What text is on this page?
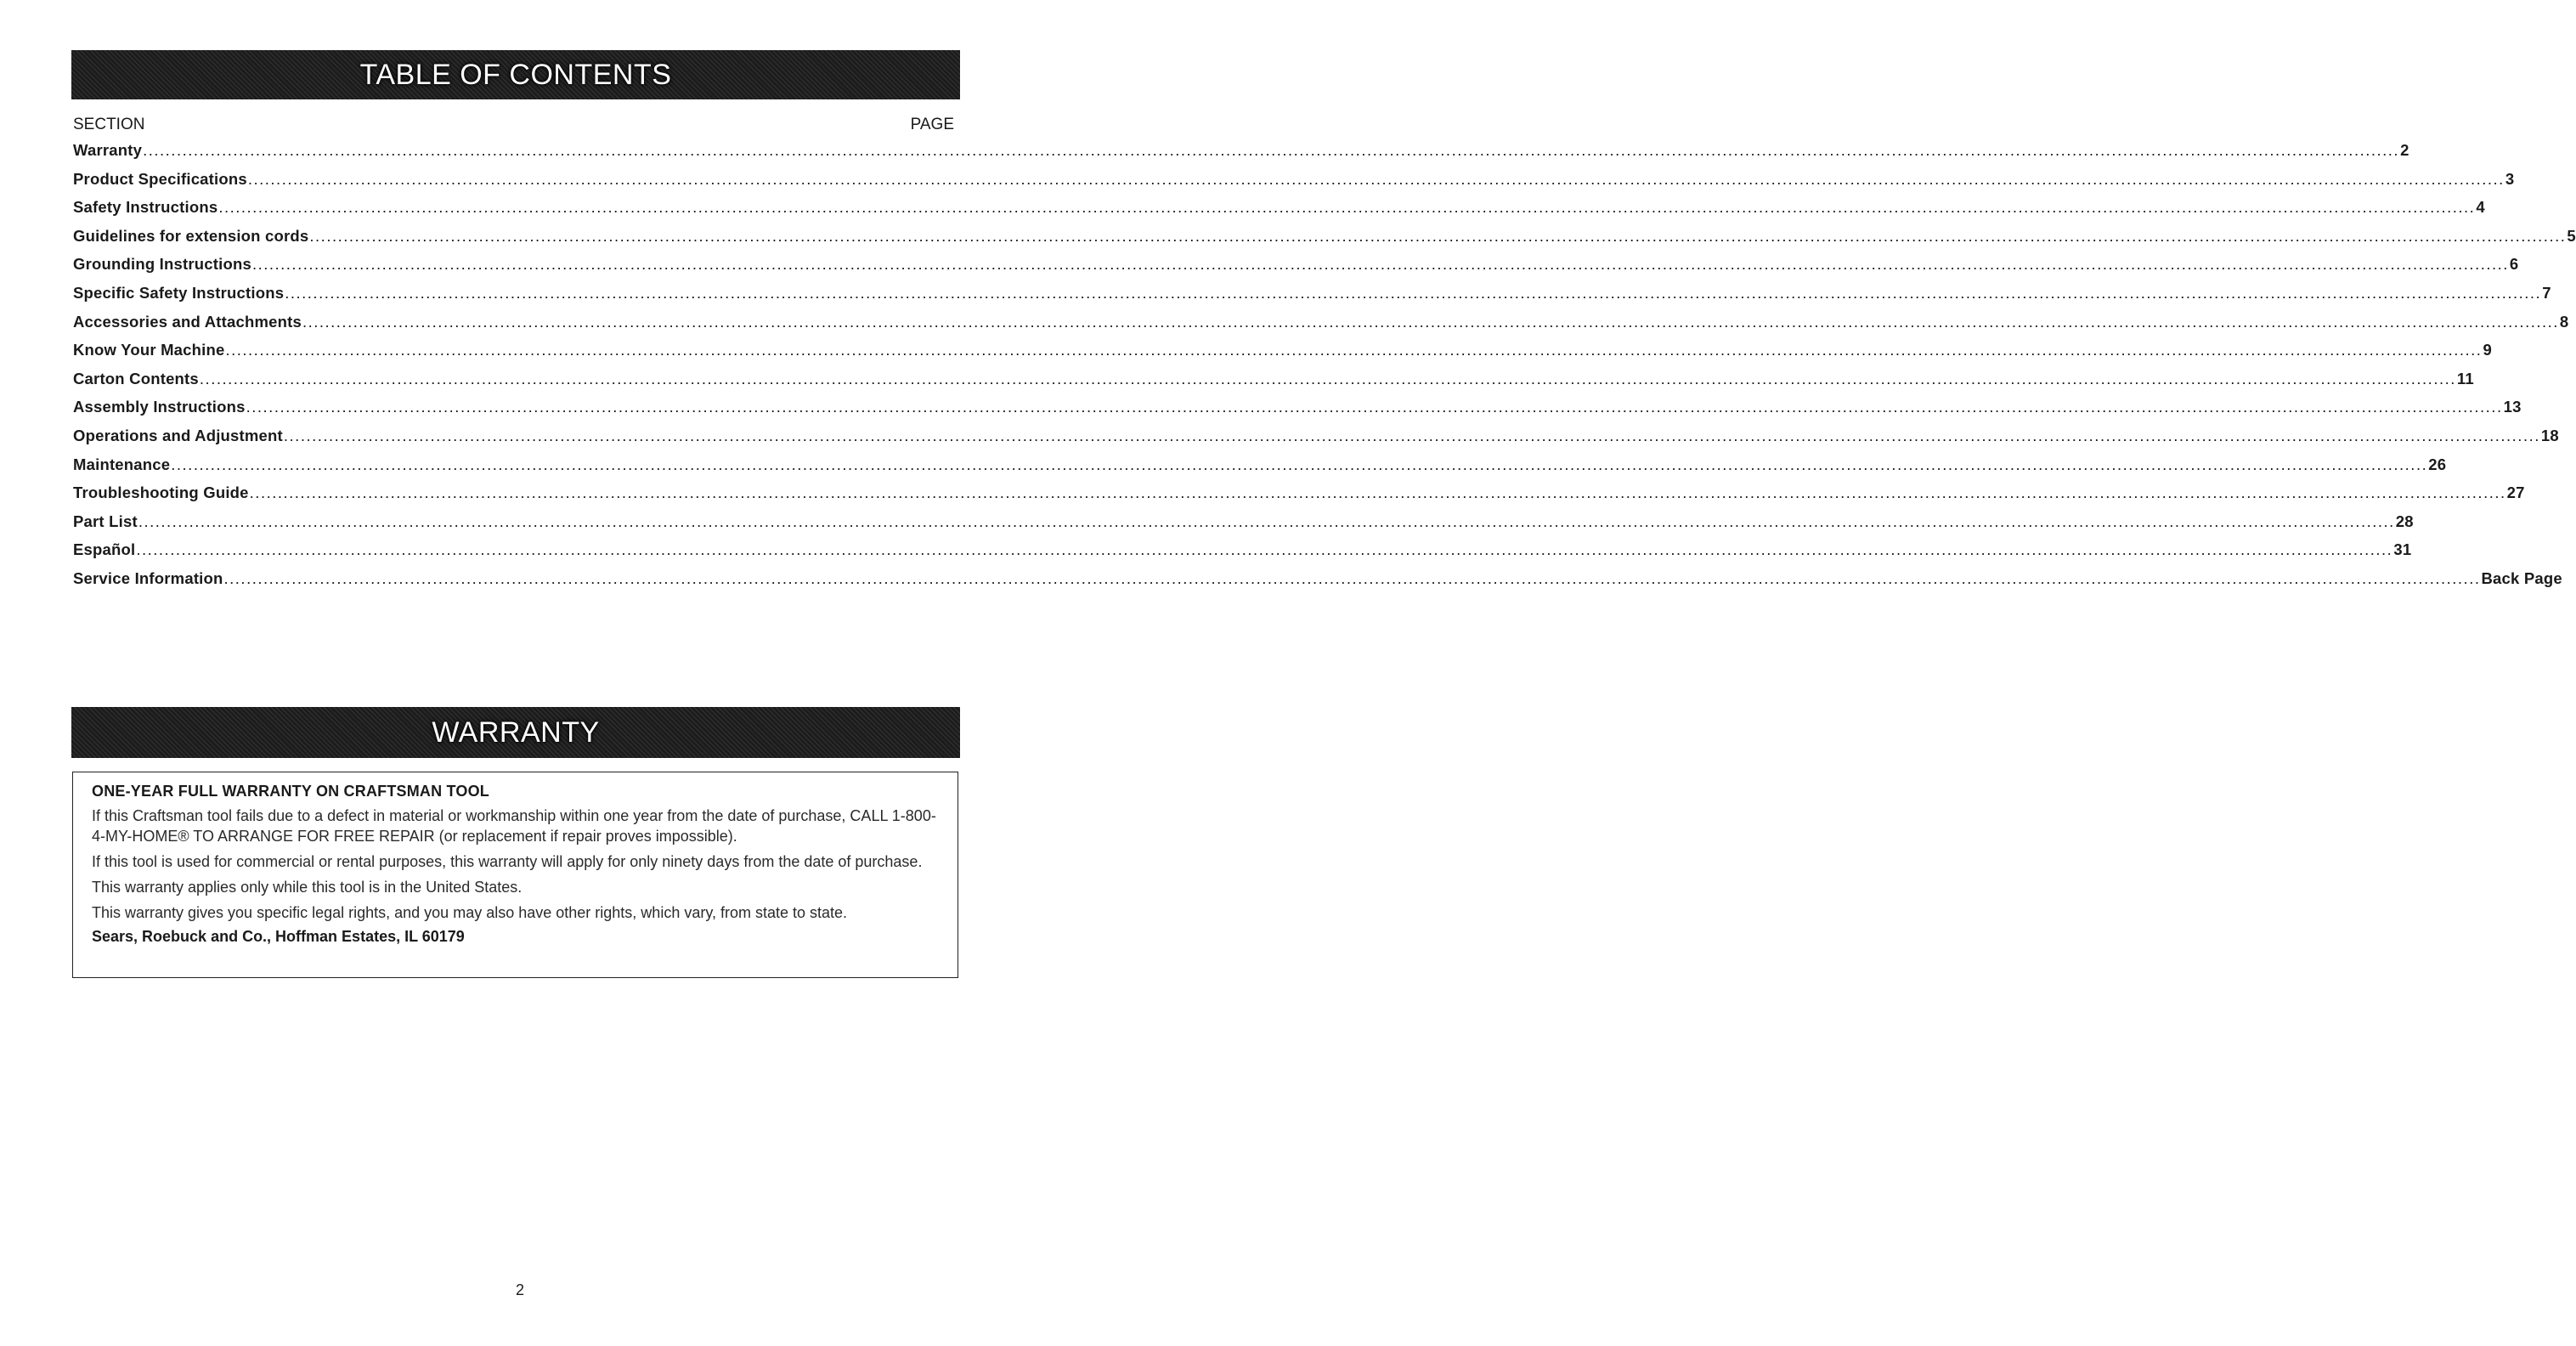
TABLE OF CONTENTS
SECTION	PAGE
Warranty ................................................................................................................................................................................................................................................................................................................................................................................................................ 2
Product Specifications ................................................................................................................................................................................................................................................................................................................................................................................................................ 3
Safety Instructions ................................................................................................................................................................................................................................................................................................................................................................................................................ 4
Guidelines for extension cords ................................................................................................................................................................................................................................................................................................................................................................................................................ 5
Grounding Instructions ................................................................................................................................................................................................................................................................................................................................................................................................................ 6
Specific Safety Instructions ................................................................................................................................................................................................................................................................................................................................................................................................................ 7
Accessories and Attachments ................................................................................................................................................................................................................................................................................................................................................................................................................ 8
Know Your Machine ................................................................................................................................................................................................................................................................................................................................................................................................................ 9
Carton Contents ................................................................................................................................................................................................................................................................................................................................................................................................................ 11
Assembly Instructions ................................................................................................................................................................................................................................................................................................................................................................................................................ 13
Operations and Adjustment ................................................................................................................................................................................................................................................................................................................................................................................................................ 18
Maintenance ................................................................................................................................................................................................................................................................................................................................................................................................................ 26
Troubleshooting Guide ................................................................................................................................................................................................................................................................................................................................................................................................................ 27
Part List ................................................................................................................................................................................................................................................................................................................................................................................................................ 28
Español ................................................................................................................................................................................................................................................................................................................................................................................................................ 31
Service Information ................................................................................................................................................................................................................................................................................................................................................................................................................ Back Page
WARRANTY
ONE-YEAR FULL WARRANTY ON CRAFTSMAN TOOL

If this Craftsman tool fails due to a defect in material or workmanship within one year from the date of purchase, CALL 1-800-4-MY-HOME® TO ARRANGE FOR FREE REPAIR (or replacement if repair proves impossible).

If this tool is used for commercial or rental purposes, this warranty will apply for only ninety days from the date of purchase.

This warranty applies only while this tool is in the United States.

This warranty gives you specific legal rights, and you may also have other rights, which vary, from state to state.

Sears, Roebuck and Co., Hoffman Estates, IL 60179
2
